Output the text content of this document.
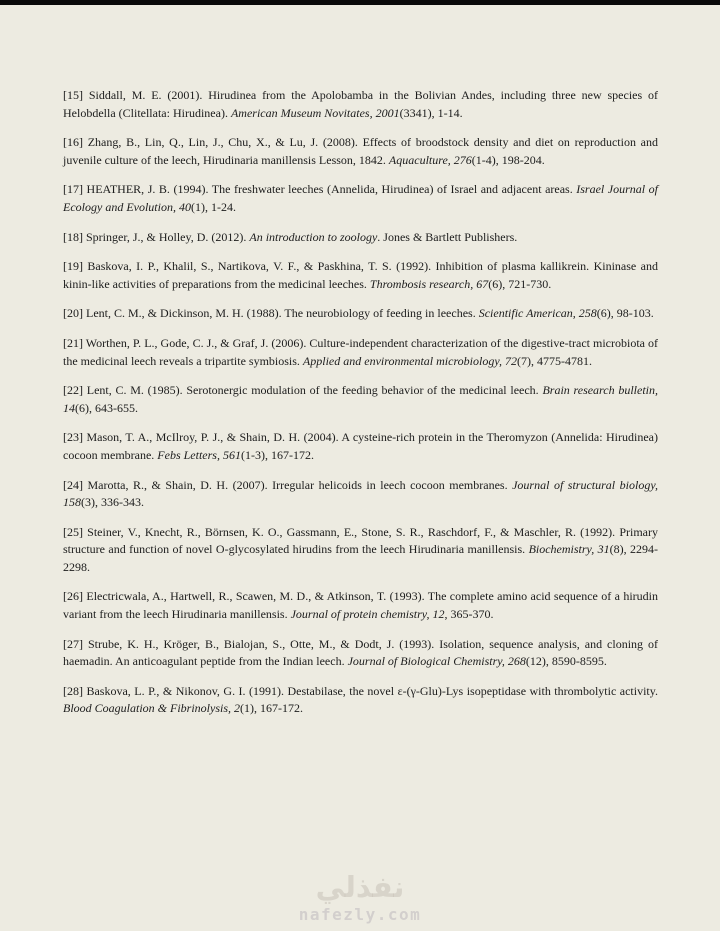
[15] Siddall, M. E. (2001). Hirudinea from the Apolobamba in the Bolivian Andes, including three new species of Helobdella (Clitellata: Hirudinea). American Museum Novitates, 2001(3341), 1-14.

[16] Zhang, B., Lin, Q., Lin, J., Chu, X., & Lu, J. (2008). Effects of broodstock density and diet on reproduction and juvenile culture of the leech, Hirudinaria manillensis Lesson, 1842. Aquaculture, 276(1-4), 198-204.

[17] HEATHER, J. B. (1994). The freshwater leeches (Annelida, Hirudinea) of Israel and adjacent areas. Israel Journal of Ecology and Evolution, 40(1), 1-24.

[18] Springer, J., & Holley, D. (2012). An introduction to zoology. Jones & Bartlett Publishers.

[19] Baskova, I. P., Khalil, S., Nartikova, V. F., & Paskhina, T. S. (1992). Inhibition of plasma kallikrein. Kininase and kinin-like activities of preparations from the medicinal leeches. Thrombosis research, 67(6), 721-730.

[20] Lent, C. M., & Dickinson, M. H. (1988). The neurobiology of feeding in leeches. Scientific American, 258(6), 98-103.

[21] Worthen, P. L., Gode, C. J., & Graf, J. (2006). Culture-independent characterization of the digestive-tract microbiota of the medicinal leech reveals a tripartite symbiosis. Applied and environmental microbiology, 72(7), 4775-4781.

[22] Lent, C. M. (1985). Serotonergic modulation of the feeding behavior of the medicinal leech. Brain research bulletin, 14(6), 643-655.

[23] Mason, T. A., McIlroy, P. J., & Shain, D. H. (2004). A cysteine-rich protein in the Theromyzon (Annelida: Hirudinea) cocoon membrane. Febs Letters, 561(1-3), 167-172.

[24] Marotta, R., & Shain, D. H. (2007). Irregular helicoids in leech cocoon membranes. Journal of structural biology, 158(3), 336-343.

[25] Steiner, V., Knecht, R., Börnsen, K. O., Gassmann, E., Stone, S. R., Raschdorf, F., & Maschler, R. (1992). Primary structure and function of novel O-glycosylated hirudins from the leech Hirudinaria manillensis. Biochemistry, 31(8), 2294-2298.

[26] Electricwala, A., Hartwell, R., Scawen, M. D., & Atkinson, T. (1993). The complete amino acid sequence of a hirudin variant from the leech Hirudinaria manillensis. Journal of protein chemistry, 12, 365-370.

[27] Strube, K. H., Kröger, B., Bialojan, S., Otte, M., & Dodt, J. (1993). Isolation, sequence analysis, and cloning of haemadin. An anticoagulant peptide from the Indian leech. Journal of Biological Chemistry, 268(12), 8590-8595.

[28] Baskova, L. P., & Nikonov, G. I. (1991). Destabilase, the novel ε-(γ-Glu)-Lys isopeptidase with thrombolytic activity. Blood Coagulation & Fibrinolysis, 2(1), 167-172.

نفذلي
nafezly.com
